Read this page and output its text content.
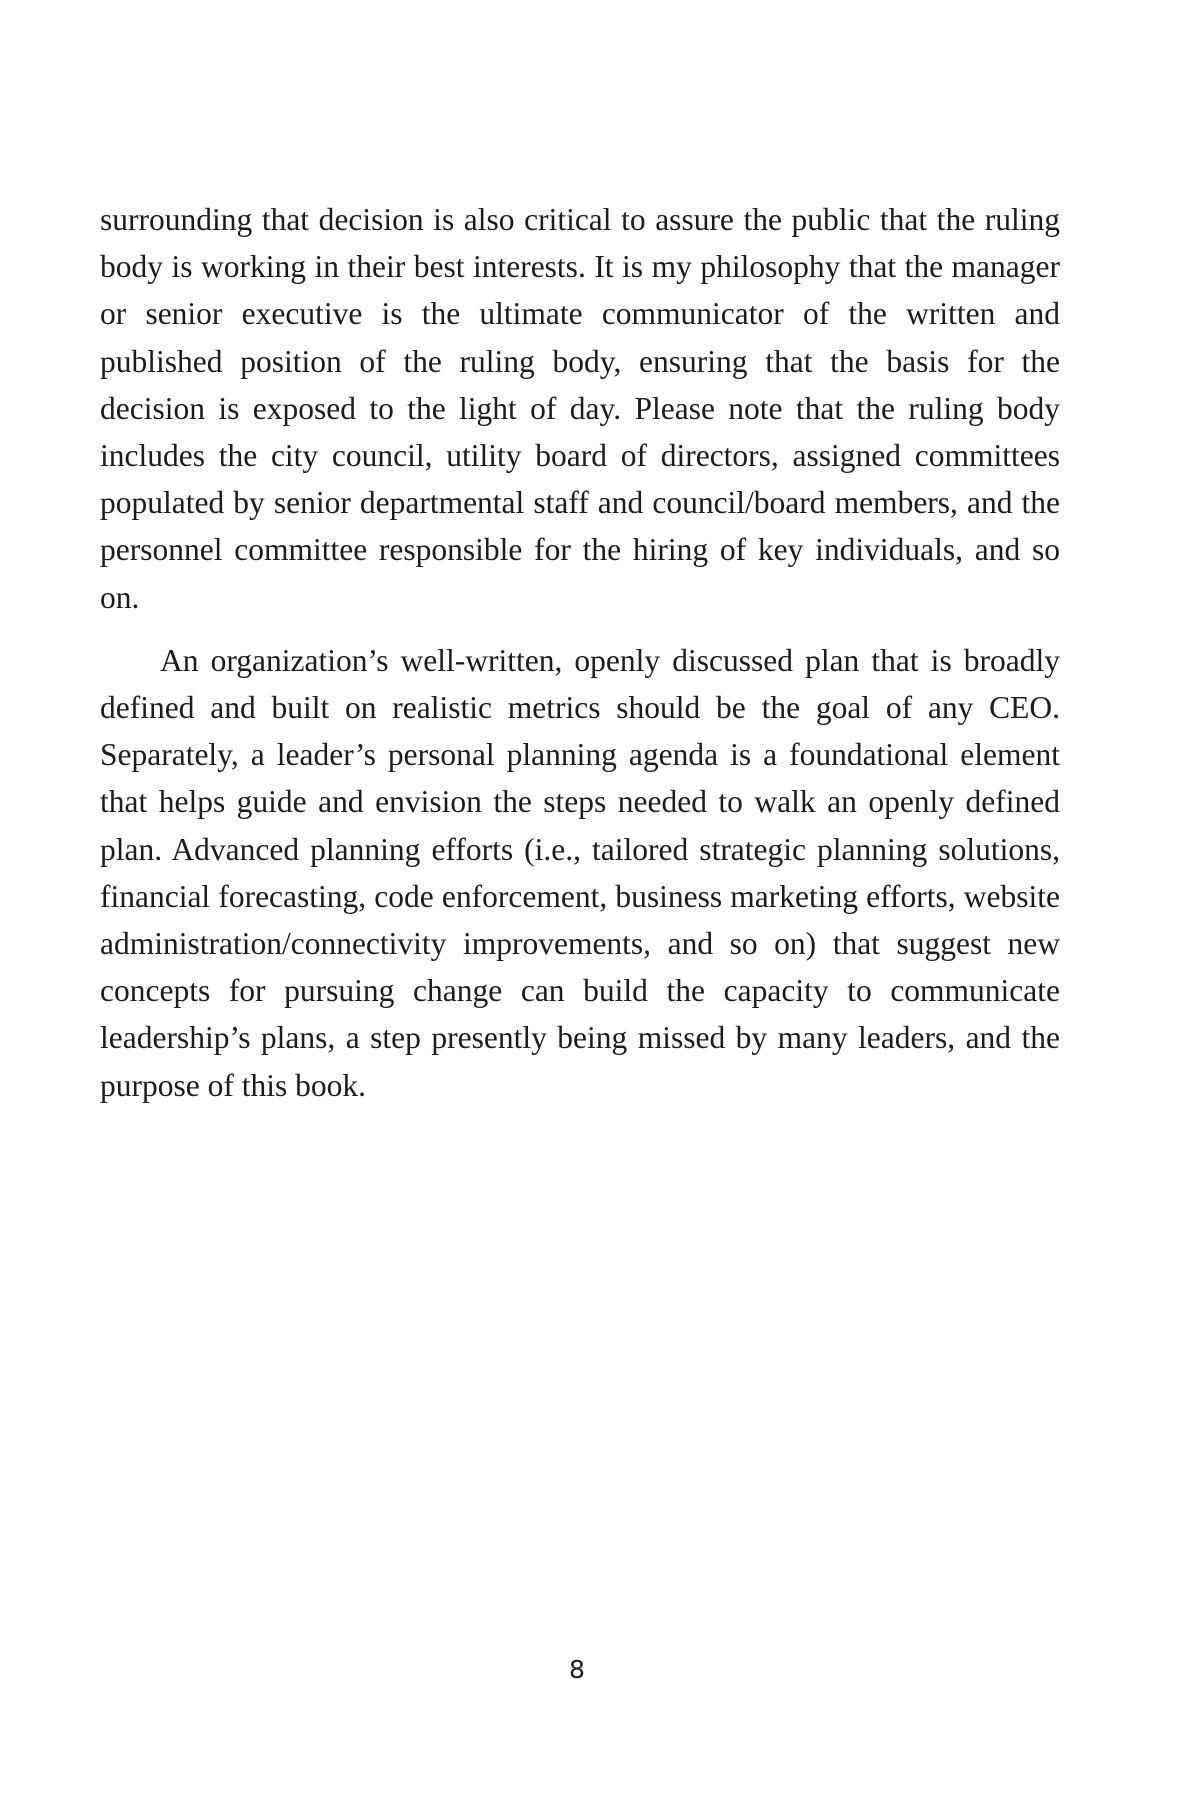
surrounding that decision is also critical to assure the public that the ruling body is working in their best interests. It is my philosophy that the manager or senior executive is the ultimate communicator of the written and published position of the ruling body, ensuring that the basis for the decision is exposed to the light of day. Please note that the ruling body includes the city council, utility board of directors, assigned committees populated by senior departmental staff and council/board members, and the personnel committee responsible for the hiring of key individuals, and so on.

An organization’s well-written, openly discussed plan that is broadly defined and built on realistic metrics should be the goal of any CEO. Separately, a leader’s personal planning agenda is a foundational element that helps guide and envision the steps needed to walk an openly defined plan. Advanced planning efforts (i.e., tailored strategic planning solutions, financial forecasting, code enforcement, business marketing efforts, website administration/connectivity improvements, and so on) that suggest new concepts for pursuing change can build the capacity to communicate leadership’s plans, a step presently being missed by many leaders, and the purpose of this book.

8
